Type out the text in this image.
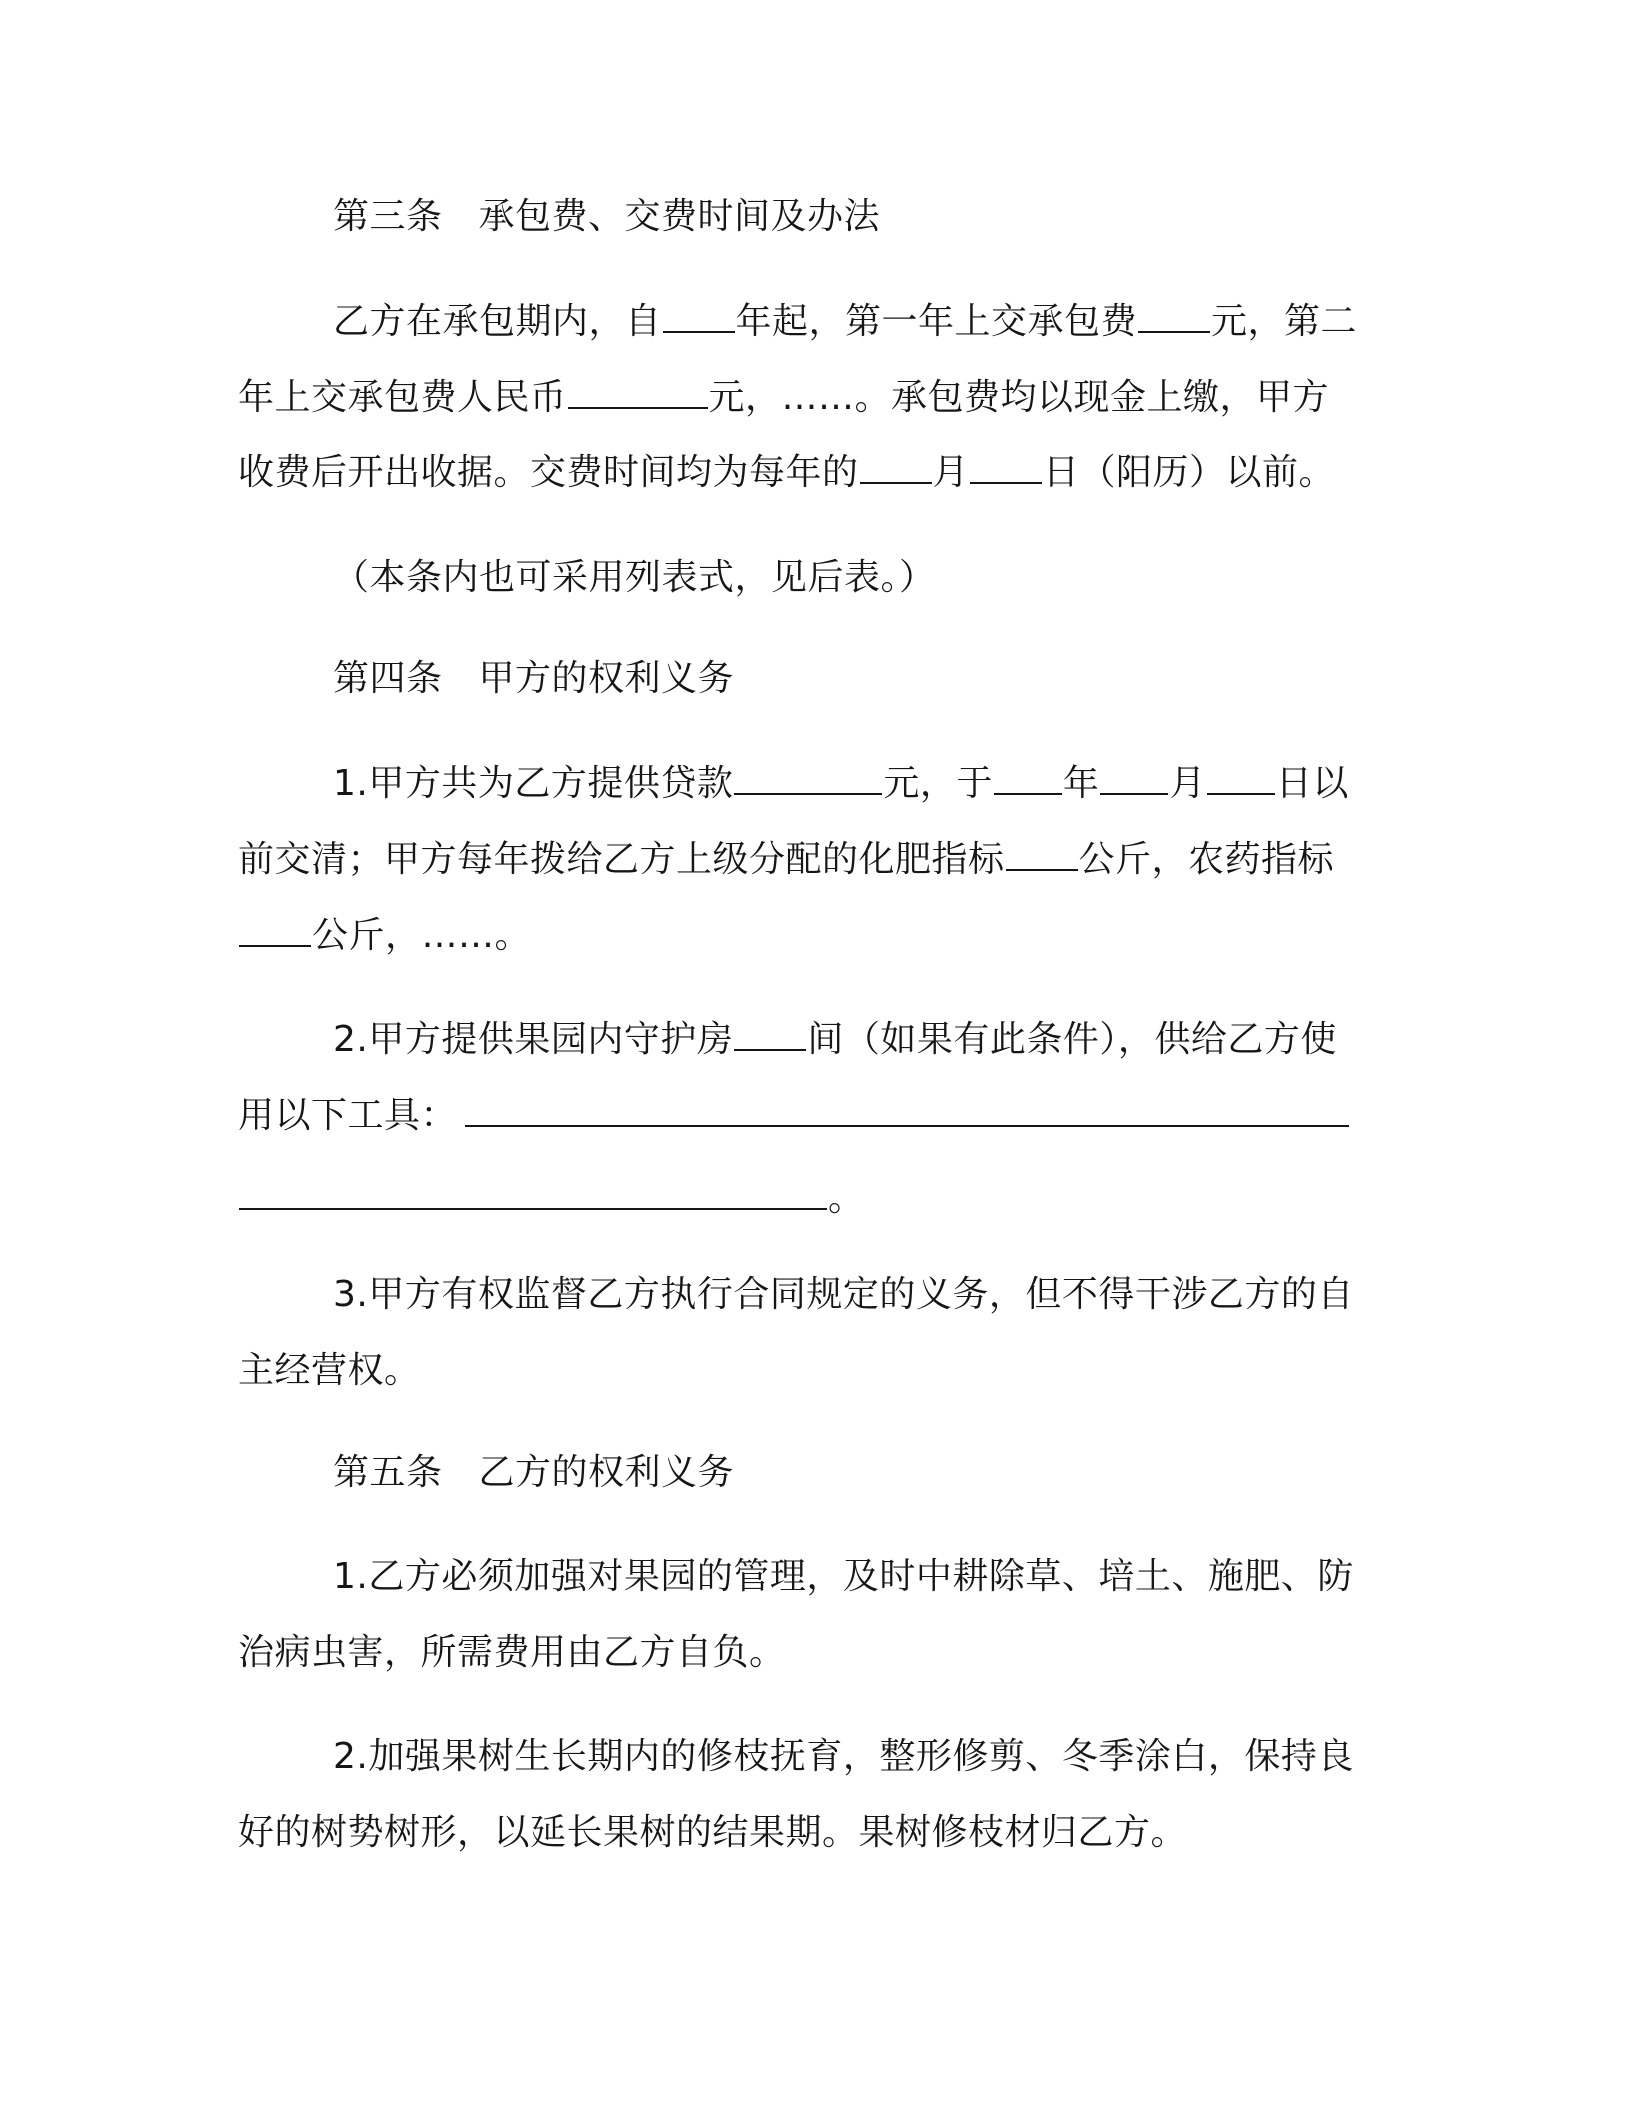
第三条 承包费、交费时间及办法
乙方在承包期内，自 年起，第一年上交承包费 元，第二
年上交承包费人民币	元，……。承包费均以现金上缴，甲方
收费后开出收据。交费时间均为每年的 月 日（阳历）以前。
（本条内也可采用列表式，见后表。）
第四条 甲方的权利义务
1.甲方共为乙方提供贷款	元，于 年 月 日以
前交清；甲方每年拨给乙方上级分配的化肥指标 公斤，农药指标
公斤，……。
2.甲方提供果园内守护房 间（如果有此条件），供给乙方使
用以下工具：
。
3.甲方有权监督乙方执行合同规定的义务，但不得干涉乙方的自
主经营权。
第五条 乙方的权利义务
1.乙方必须加强对果园的管理，及时中耕除草、培土、施肥、防
治病虫害，所需费用由乙方自负。
2.加强果树生长期内的修枝抚育，整形修剪、冬季涂白，保持良
好的树势树形，以延长果树的结果期。果树修枝材归乙方。
